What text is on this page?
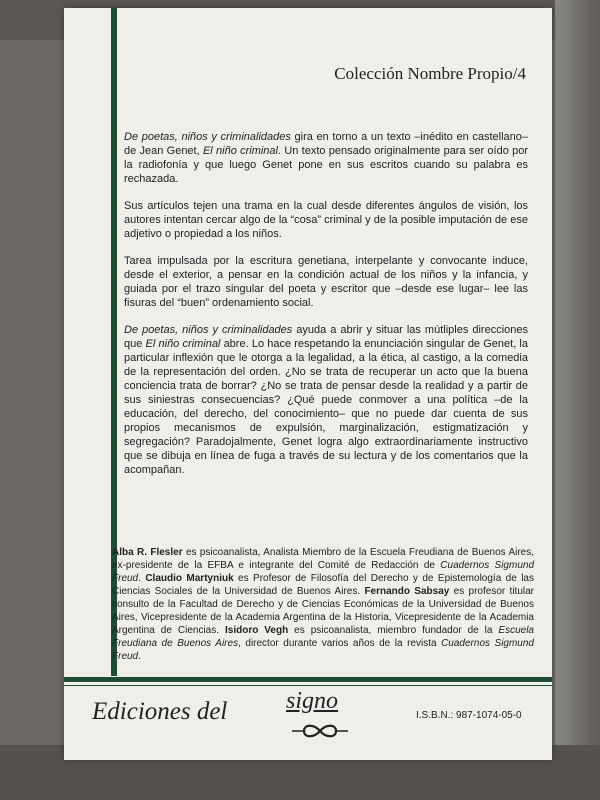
Colección Nombre Propio/4

De poetas, niños y criminalidades gira en torno a un texto –inédito en castellano– de Jean Genet, El niño criminal. Un texto pensado originalmente para ser oído por la radiofonía y que luego Genet pone en sus escritos cuando su palabra es rechazada.

Sus artículos tejen una trama en la cual desde diferentes ángulos de visión, los autores intentan cercar algo de la “cosa” criminal y de la posible imputación de ese adjetivo o propiedad a los niños.

Tarea impulsada por la escritura genetiana, interpelante y convocante induce, desde el exterior, a pensar en la condición actual de los niños y la infancia, y guiada por el trazo singular del poeta y escritor que –desde ese lugar– lee las fisuras del “buen” ordenamiento social.

De poetas, niños y criminalidades ayuda a abrir y situar las mútliples direcciones que El niño criminal abre. Lo hace respetando la enunciación singular de Genet, la particular inflexión que le otorga a la legalidad, a la ética, al castigo, a la comedia de la representación del orden. ¿No se trata de recuperar un acto que la buena conciencia trata de borrar? ¿No se trata de pensar desde la realidad y a partir de sus siniestras consecuencias? ¿Qué puede conmover a una política –de la educación, del derecho, del conocimiento– que no puede dar cuenta de sus propios mecanismos de expulsión, marginalización, estigmatización y segregación? Paradojalmente, Genet logra algo extraordinariamente instructivo que se dibuja en línea de fuga a través de su lectura y de los comentarios que la acompañan.

Alba R. Flesler es psicoanalista, Analista Miembro de la Escuela Freudiana de Buenos Aires, ex-presidente de la EFBA e integrante del Comité de Redacción de Cuadernos Sigmund Freud. Claudio Martyniuk es Profesor de Filosofía del Derecho y de Epistemología de las Ciencias Sociales de la Universidad de Buenos Aires. Fernando Sabsay es profesor titular consulto de la Facultad de Derecho y de Ciencias Económicas de la Universidad de Buenos Aires, Vicepresidente de la Academia Argentina de la Historia, Vicepresidente de la Academia Argentina de Ciencias. Isidoro Vegh es psicoanalista, miembro fundador de la Escuela Freudiana de Buenos Aires, director durante varios años de la revista Cuadernos Sigmund Freud.
Ediciones del signo
I.S.B.N.: 987-1074-05-0
